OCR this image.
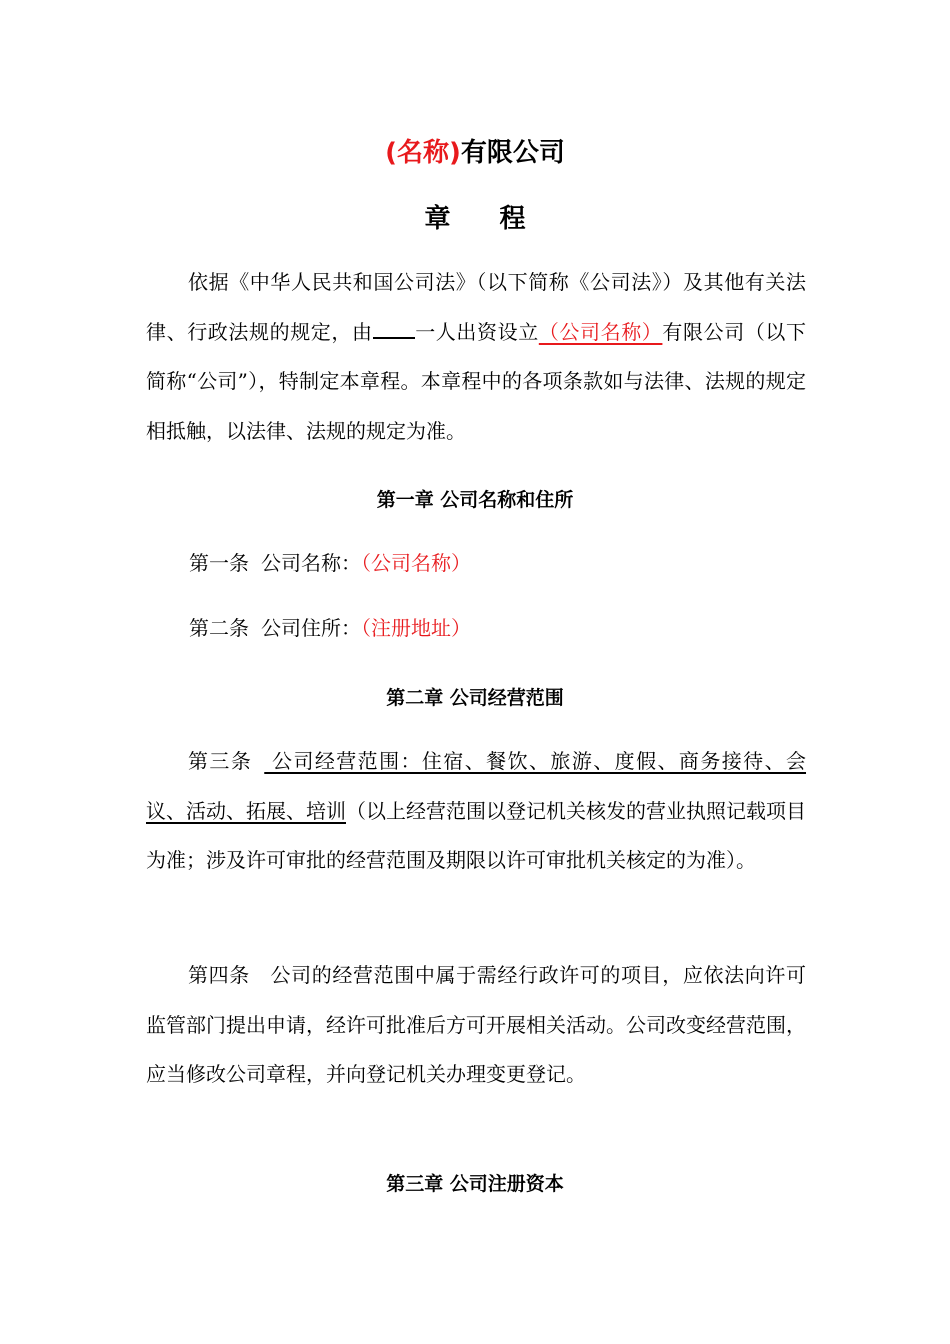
(名称)有限公司
章 程
依据《中华人民共和国公司法》（以下简称《公司法》）及其他有关法律、行政法规的规定，由 一人出资设立（公司名称）有限公司（以下简称“公司”），特制定本章程。本章程中的各项条款如与法律、法规的规定相抵触，以法律、法规的规定为准。
第一章 公司名称和住所
第一条 公司名称：（公司名称）
第二条 公司住所：（注册地址）
第二章 公司经营范围
第三条 公司经营范围：住宿、餐饮、旅游、度假、商务接待、会议、活动、拓展、培训（以上经营范围以登记机关核发的营业执照记载项目为准；涉及许可审批的经营范围及期限以许可审批机关核定的为准）。
第四条 公司的经营范围中属于需经行政许可的项目，应依法向许可监管部门提出申请，经许可批准后方可开展相关活动。公司改变经营范围，应当修改公司章程，并向登记机关办理变更登记。
第三章 公司注册资本
